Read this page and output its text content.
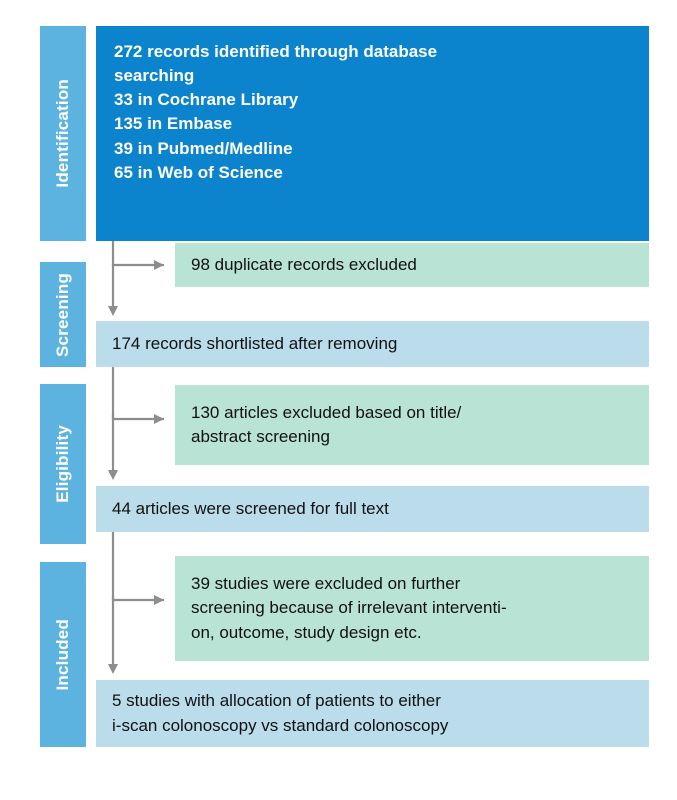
Identification
Screening
Eligibility
Included
272 records identified through database
searching
33 in Cochrane Library
135 in Embase
39 in Pubmed/Medline
65 in Web of Science
98 duplicate records excluded
174 records shortlisted after removing
130 articles excluded based on title/
abstract screening
44 articles were screened for full text
39 studies were excluded on further
screening because of irrelevant interventi-
on, outcome, study design etc.
5 studies with allocation of patients to either
i-scan colonoscopy vs standard colonoscopy
